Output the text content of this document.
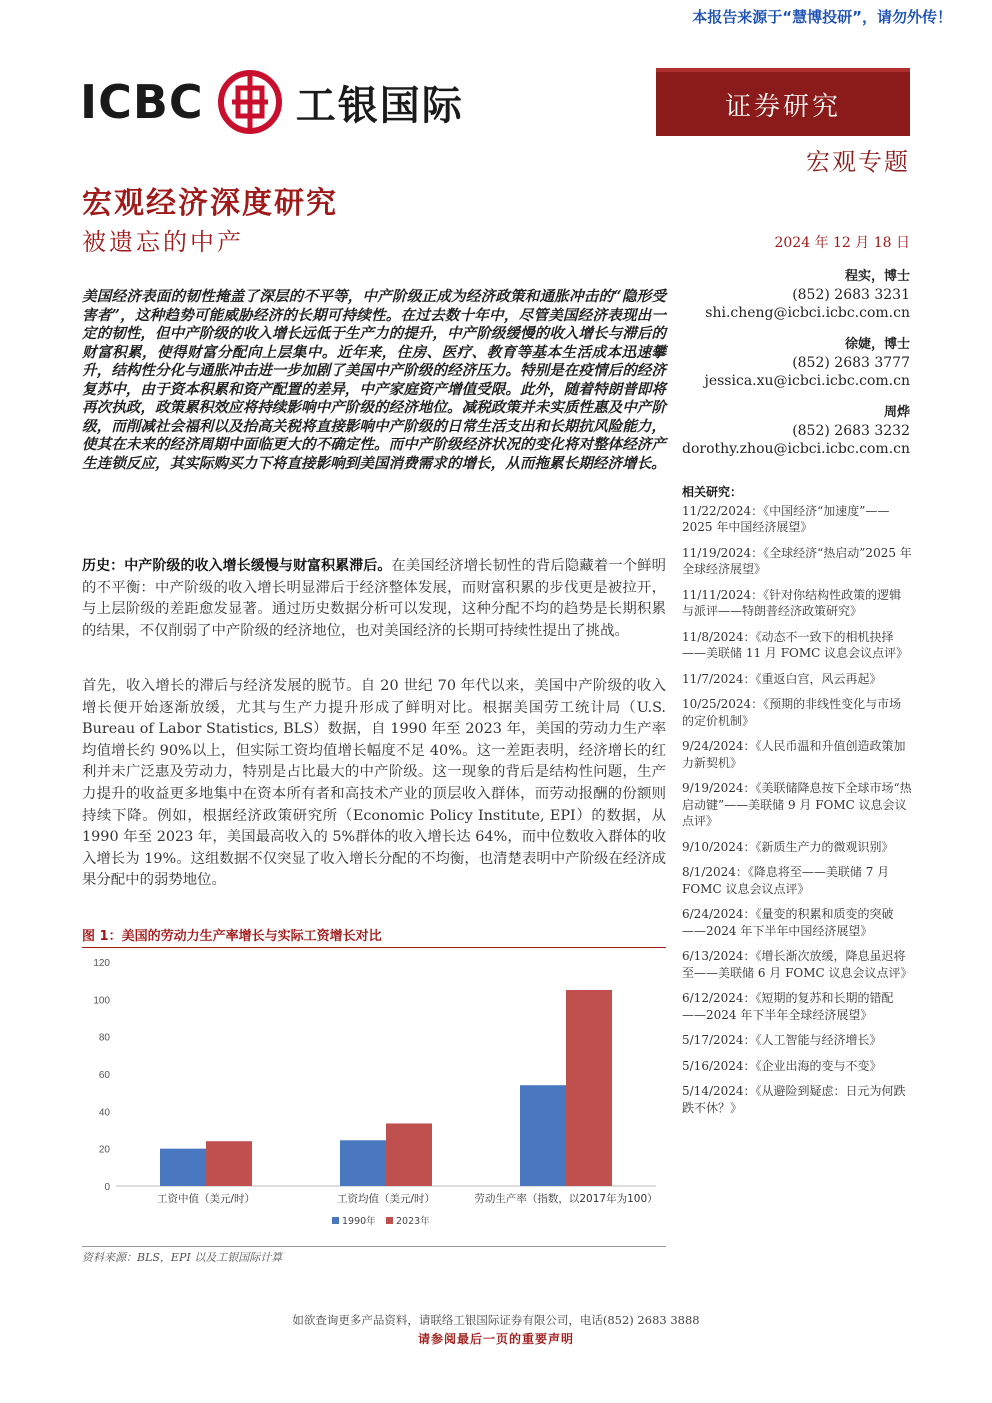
本报告来源于“慧博投研”，请勿外传！
ICBC 工银国际	证券研究
宏观专题
宏观经济深度研究
被遗忘的中产	2024 年 12 月 18 日
程实，博士
(852) 2683 3231
shi.cheng@icbci.icbc.com.cn
徐婕，博士
(852) 2683 3777
jessica.xu@icbci.icbc.com.cn
周烨
(852) 2683 3232
dorothy.zhou@icbci.icbc.com.cn
美国经济表面的韧性掩盖了深层的不平等，中产阶级正成为经济政策和通胀冲击的“隐形受害者”，这种趋势可能威胁经济的长期可持续性。在过去数十年中，尽管美国经济表现出一定的韧性，但中产阶级的收入增长远低于生产力的提升，中产阶级缓慢的收入增长与滞后的财富积累，使得财富分配向上层集中。近年来，住房、医疗、教育等基本生活成本迅速攀升，结构性分化与通胀冲击进一步加剧了美国中产阶级的经济压力。特别是在疫情后的经济复苏中，由于资本积累和资产配置的差异，中产家庭资产增值受限。此外，随着特朗普即将再次执政，政策累积效应将持续影响中产阶级的经济地位。减税政策并未实质性惠及中产阶级，而削减社会福利以及抬高关税将直接影响中产阶级的日常生活支出和长期抗风险能力，使其在未来的经济周期中面临更大的不确定性。而中产阶级经济状况的变化将对整体经济产生连锁反应，其实际购买力下将直接影响到美国消费需求的增长，从而拖累长期经济增长。
历史：中产阶级的收入增长缓慢与财富积累滞后。在美国经济增长韧性的背后隐藏着一个鲜明的不平衡：中产阶级的收入增长明显滞后于经济整体发展，而财富积累的步伐更是被拉开，与上层阶级的差距愈发显著。通过历史数据分析可以发现，这种分配不均的趋势是长期积累的结果，不仅削弱了中产阶级的经济地位，也对美国经济的长期可持续性提出了挑战。
首先，收入增长的滞后与经济发展的脱节。自 20 世纪 70 年代以来，美国中产阶级的收入增长便开始逐渐放缓，尤其与生产力提升形成了鲜明对比。根据美国劳工统计局（U.S. Bureau of Labor Statistics, BLS）数据，自 1990 年至 2023 年，美国的劳动力生产率均值增长约 90%以上，但实际工资均值增长幅度不足 40%。这一差距表明，经济增长的红利并未广泛惠及劳动力，特别是占比最大的中产阶级。这一现象的背后是结构性问题，生产力提升的收益更多地集中在资本所有者和高技术产业的顶层收入群体，而劳动报酬的份额则持续下降。例如，根据经济政策研究所（Economic Policy Institute, EPI）的数据，从 1990 年至 2023 年，美国最高收入的 5%群体的收入增长达 64%，而中位数收入群体的收入增长为 19%。这组数据不仅突显了收入增长分配的不均衡，也清楚表明中产阶级在经济成果分配中的弱势地位。
图 1：美国的劳动力生产率增长与实际工资增长对比
0
20
40
60
80
100
120
工资中值（美元/时）	工资均值（美元/时）	劳动生产率（指数，以2017年为100）
1990年 2023年
资料来源：BLS，EPI 以及工银国际计算
相关研究：
11/22/2024：《中国经济“加速度”——2025 年中国经济展望》
11/19/2024：《全球经济“热启动”2025 年全球经济展望》
11/11/2024：《针对你结构性政策的逻辑与派评——特朗普经济政策研究》
11/8/2024：《动态不一致下的相机抉择——美联储 11 月 FOMC 议息会议点评》
11/7/2024：《重返白宫，风云再起》
10/25/2024：《预期的非线性变化与市场的定价机制》
9/24/2024：《人民币温和升值创造政策加力新契机》
9/19/2024：《美联储降息按下全球市场“热启动键”——美联储 9 月 FOMC 议息会议点评》
9/10/2024：《新质生产力的微观识别》
8/1/2024：《降息将至——美联储 7 月 FOMC 议息会议点评》
6/24/2024：《量变的积累和质变的突破——2024 年下半年中国经济展望》
6/13/2024：《增长渐次放缓，降息虽迟将至——美联储 6 月 FOMC 议息会议点评》
6/12/2024：《短期的复苏和长期的错配——2024 年下半年全球经济展望》
5/17/2024：《人工智能与经济增长》
5/16/2024：《企业出海的变与不变》
5/14/2024：《从避险到疑虑：日元为何跌跌不休？》
如欲查询更多产品资料，请联络工银国际证券有限公司，电话(852) 2683 3888
请参阅最后一页的重要声明
